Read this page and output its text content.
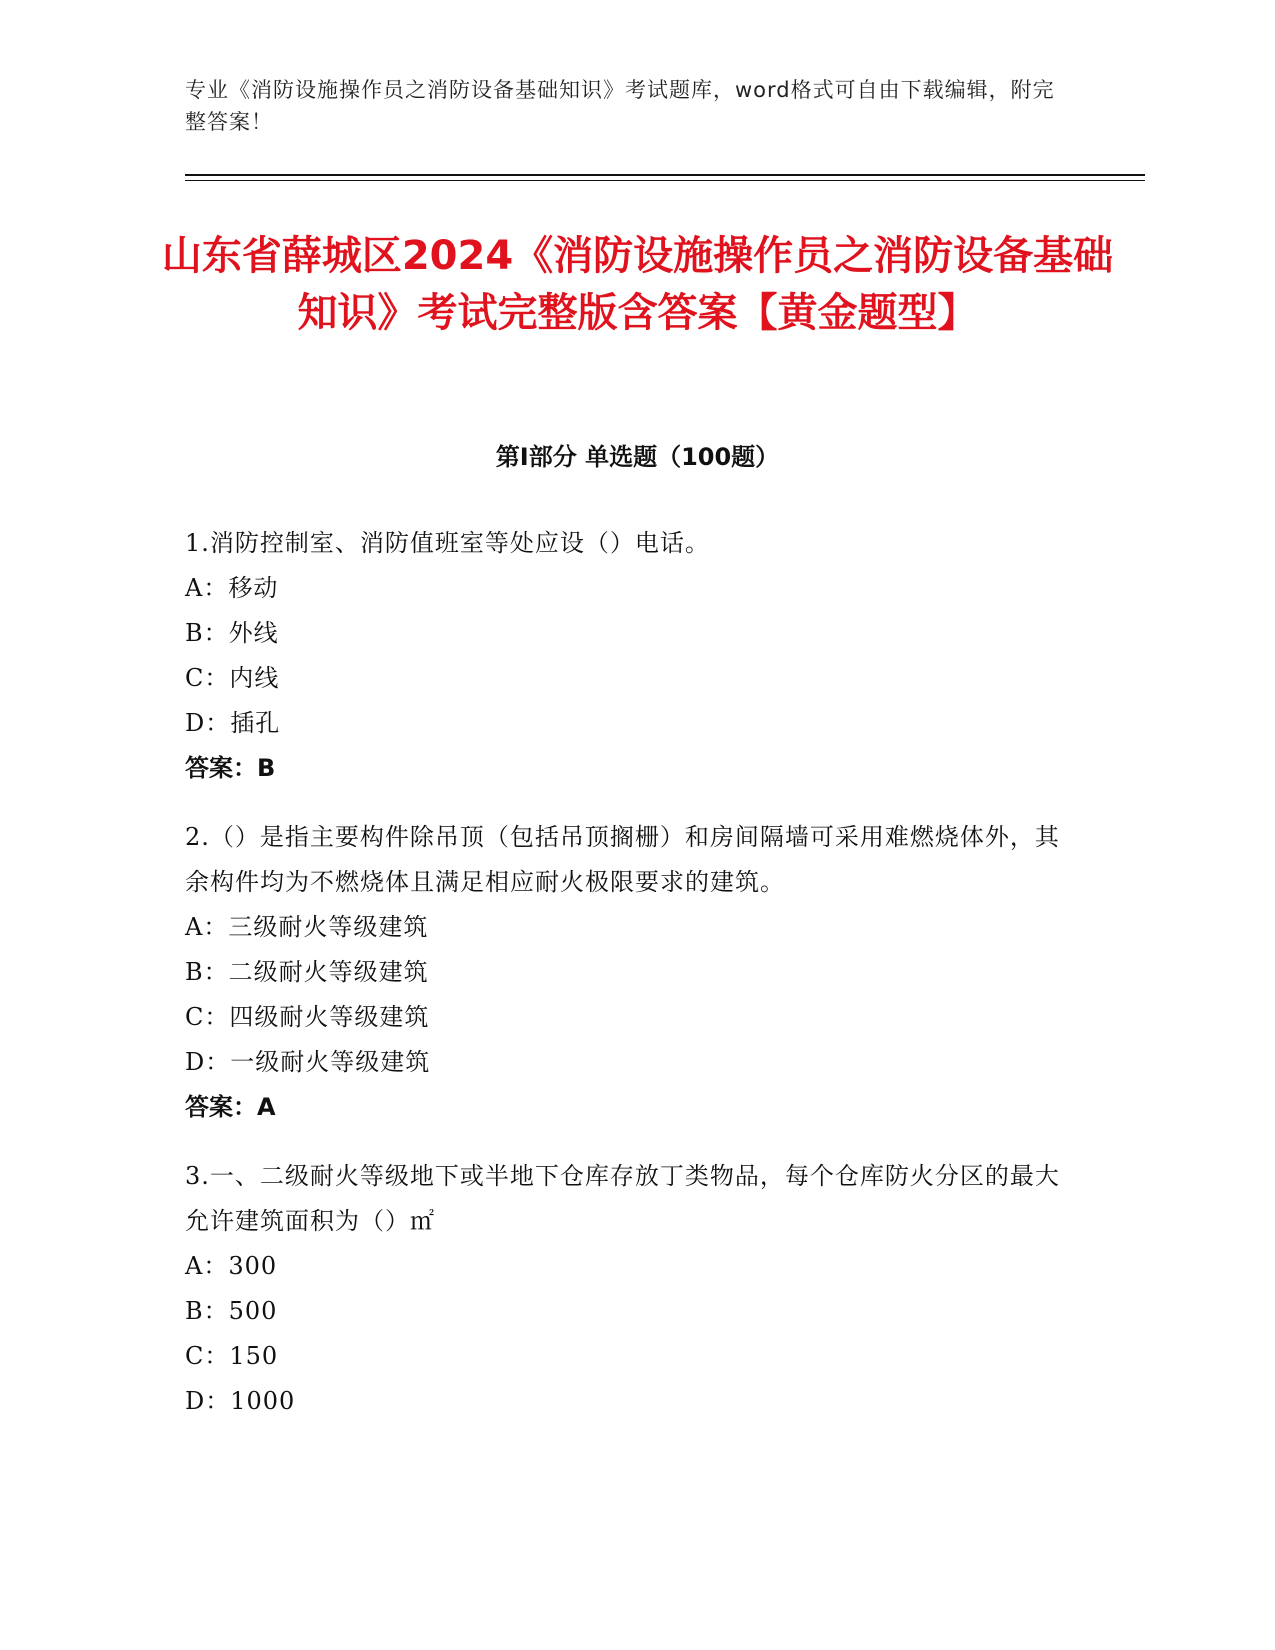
专业《消防设施操作员之消防设备基础知识》考试题库，word格式可自由下载编辑，附完整答案！
山东省薛城区2024《消防设施操作员之消防设备基础知识》考试完整版含答案【黄金题型】
第I部分 单选题（100题）
1.消防控制室、消防值班室等处应设（）电话。
A：移动
B：外线
C：内线
D：插孔
答案：B
2.（）是指主要构件除吊顶（包括吊顶搁栅）和房间隔墙可采用难燃烧体外，其余构件均为不燃烧体且满足相应耐火极限要求的建筑。
A：三级耐火等级建筑
B：二级耐火等级建筑
C：四级耐火等级建筑
D：一级耐火等级建筑
答案：A
3.一、二级耐火等级地下或半地下仓库存放丁类物品，每个仓库防火分区的最大允许建筑面积为（）㎡
A：300
B：500
C：150
D：1000
